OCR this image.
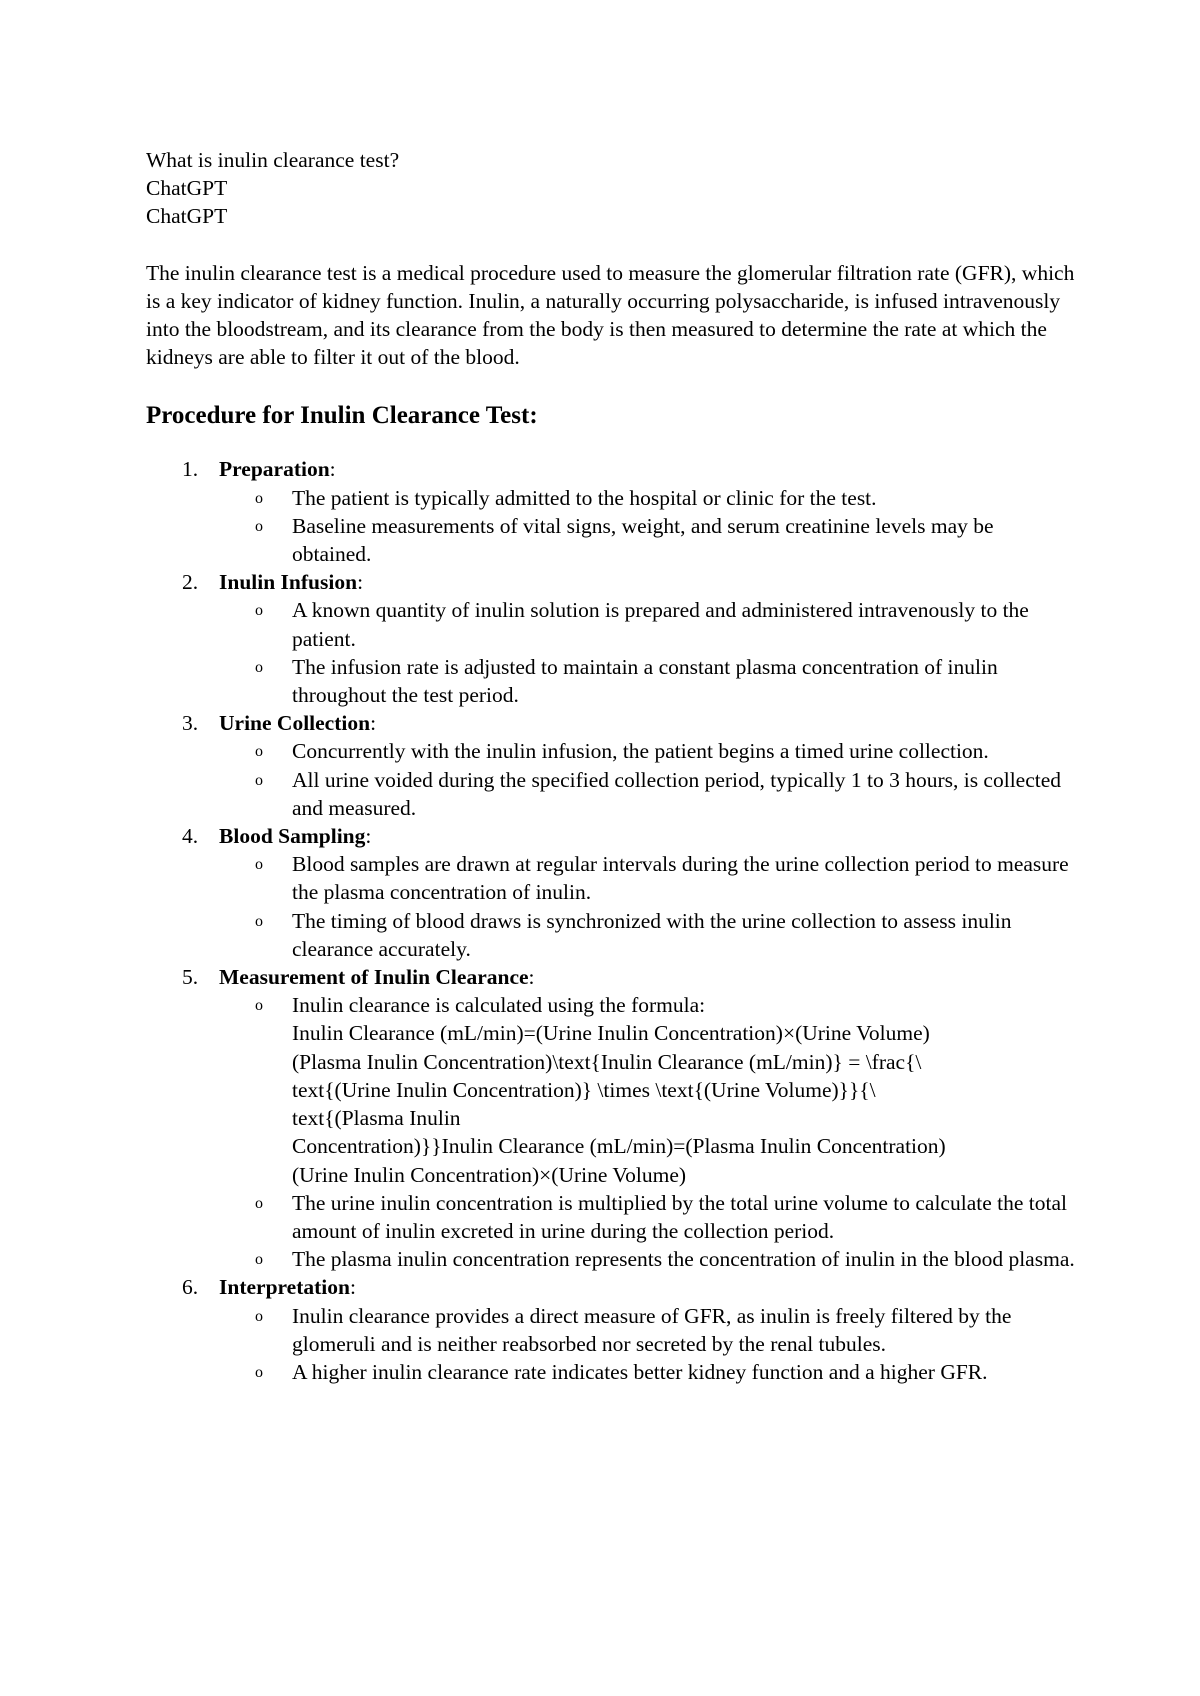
What is inulin clearance test?

ChatGPT

ChatGPT

The inulin clearance test is a medical procedure used to measure the glomerular filtration rate (GFR), which is a key indicator of kidney function. Inulin, a naturally occurring polysaccharide, is infused intravenously into the bloodstream, and its clearance from the body is then measured to determine the rate at which the kidneys are able to filter it out of the blood.

Procedure for Inulin Clearance Test:
1. Preparation:
o The patient is typically admitted to the hospital or clinic for the test.
o Baseline measurements of vital signs, weight, and serum creatinine levels may be obtained.
2. Inulin Infusion:
o A known quantity of inulin solution is prepared and administered intravenously to the patient.
o The infusion rate is adjusted to maintain a constant plasma concentration of inulin throughout the test period.
3. Urine Collection:
o Concurrently with the inulin infusion, the patient begins a timed urine collection.
o All urine voided during the specified collection period, typically 1 to 3 hours, is collected and measured.
4. Blood Sampling:
o Blood samples are drawn at regular intervals during the urine collection period to measure the plasma concentration of inulin.
o The timing of blood draws is synchronized with the urine collection to assess inulin clearance accurately.
5. Measurement of Inulin Clearance:
o Inulin clearance is calculated using the formula:
Inulin Clearance (mL/min)=(Urine Inulin Concentration)×(Urine Volume)
(Plasma Inulin Concentration)\text{Inulin Clearance (mL/min)} = \frac{\
text{(Urine Inulin Concentration)} \times \text{(Urine Volume)}}{\
text{(Plasma Inulin
Concentration)}}Inulin Clearance (mL/min)=(Plasma Inulin Concentration)
(Urine Inulin Concentration)×(Urine Volume)
o The urine inulin concentration is multiplied by the total urine volume to calculate the total amount of inulin excreted in urine during the collection period.
o The plasma inulin concentration represents the concentration of inulin in the blood plasma.
6. Interpretation:
o Inulin clearance provides a direct measure of GFR, as inulin is freely filtered by the glomeruli and is neither reabsorbed nor secreted by the renal tubules.
o A higher inulin clearance rate indicates better kidney function and a higher GFR.
